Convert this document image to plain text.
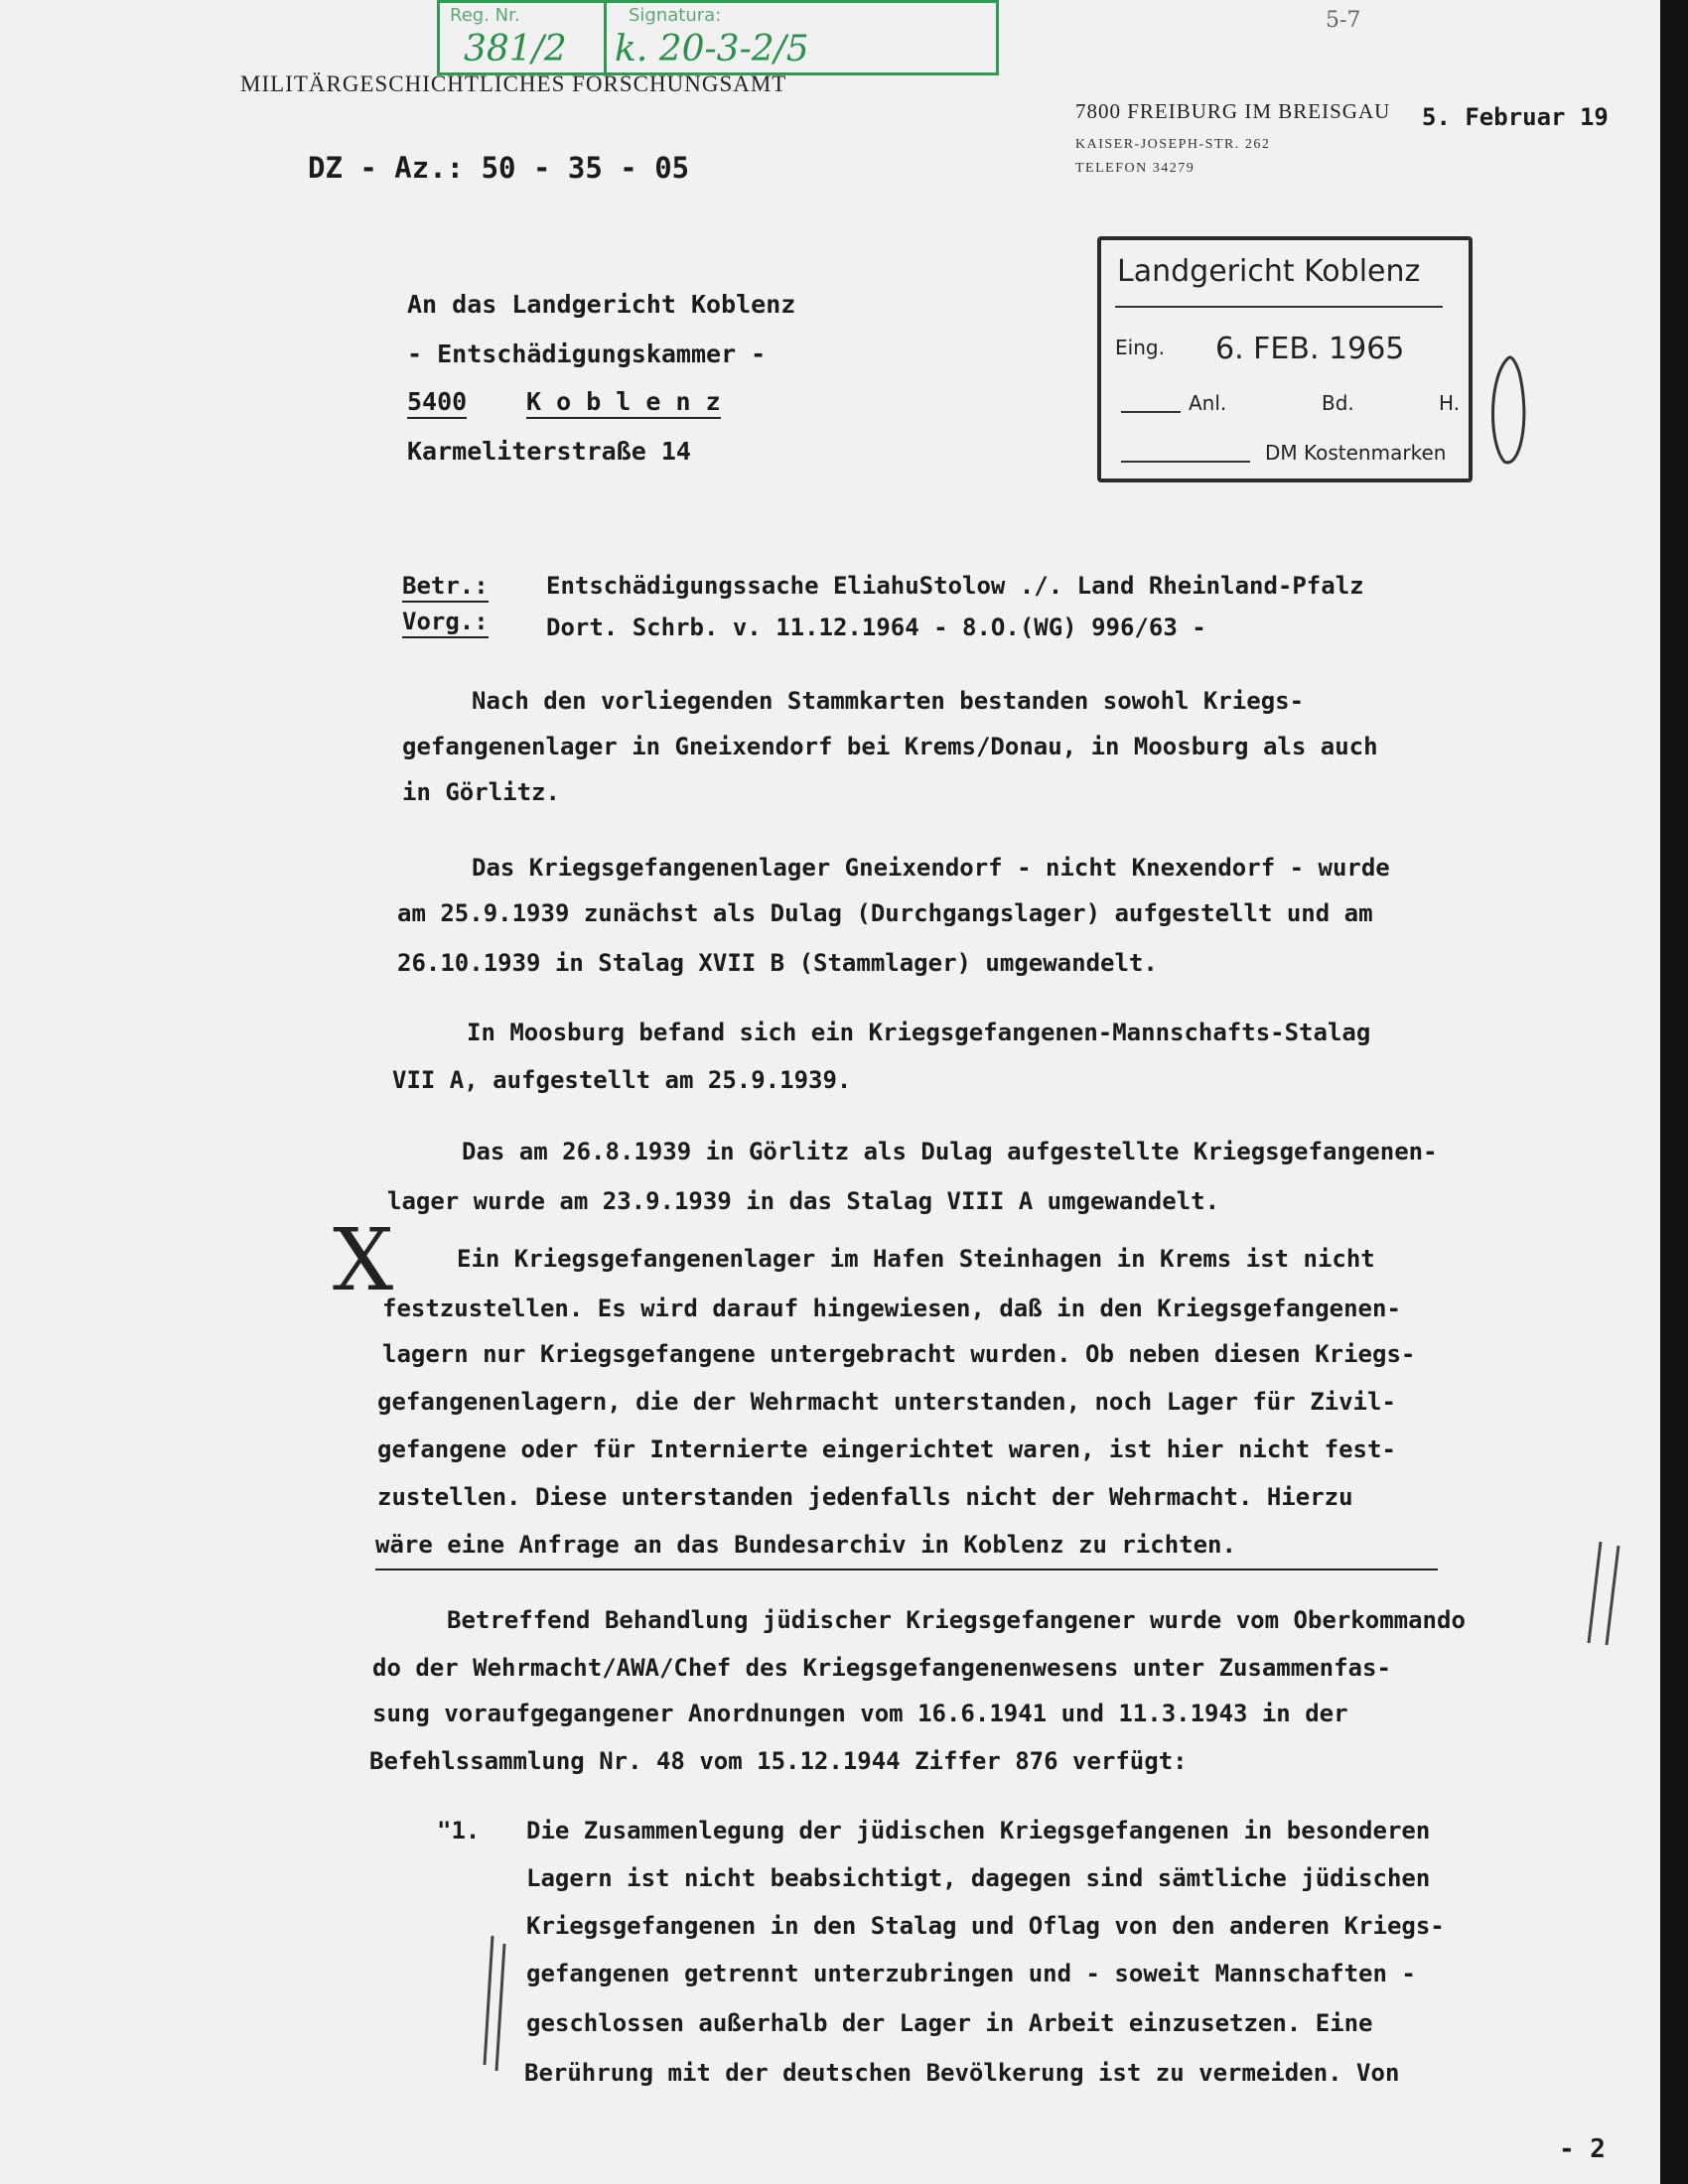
Reg. Nr.
381/2
Signatura:
k. 20-3-2/5
5-7
MILITÄRGESCHICHTLICHES FORSCHUNGSAMT
7800 FREIBURG IM BREISGAU 5. Februar 19
KAISER-JOSEPH-STR. 262
TELEFON 34279
DZ - Az.: 50 - 35 - 05
An das Landgericht Koblenz
- Entschädigungskammer -
5400 K o b l e n z
Karmeliterstraße 14
Landgericht Koblenz
Eing. 6. FEB. 1965
Anl.	Bd.	H.
DM Kostenmarken
Betr.: Entschädigungssache EliahuStolow ./. Land Rheinland-Pfalz
Vorg.: Dort. Schrb. v. 11.12.1964 - 8.O.(WG) 996/63 -
Nach den vorliegenden Stammkarten bestanden sowohl Kriegs-
gefangenenlager in Gneixendorf bei Krems/Donau, in Moosburg als auch
in Görlitz.
Das Kriegsgefangenenlager Gneixendorf - nicht Knexendorf - wurde
am 25.9.1939 zunächst als Dulag (Durchgangslager) aufgestellt und am
26.10.1939 in Stalag XVII B (Stammlager) umgewandelt.
In Moosburg befand sich ein Kriegsgefangenen-Mannschafts-Stalag
VII A, aufgestellt am 25.9.1939.
Das am 26.8.1939 in Görlitz als Dulag aufgestellte Kriegsgefangenen-
lager wurde am 23.9.1939 in das Stalag VIII A umgewandelt.
Ein Kriegsgefangenenlager im Hafen Steinhagen in Krems ist nicht
festzustellen. Es wird darauf hingewiesen, daß in den Kriegsgefangenen-
lagern nur Kriegsgefangene untergebracht wurden. Ob neben diesen Kriegs-
gefangenenlagern, die der Wehrmacht unterstanden, noch Lager für Zivil-
gefangene oder für Internierte eingerichtet waren, ist hier nicht fest-
zustellen. Diese unterstanden jedenfalls nicht der Wehrmacht. Hierzu
wäre eine Anfrage an das Bundesarchiv in Koblenz zu richten.
Betreffend Behandlung jüdischer Kriegsgefangener wurde vom Oberkommando
do der Wehrmacht/AWA/Chef des Kriegsgefangenenwesens unter Zusammenfas-
sung voraufgegangener Anordnungen vom 16.6.1941 und 11.3.1943 in der
Befehlssammlung Nr. 48 vom 15.12.1944 Ziffer 876 verfügt:
"1. Die Zusammenlegung der jüdischen Kriegsgefangenen in besonderen
Lagern ist nicht beabsichtigt, dagegen sind sämtliche jüdischen
Kriegsgefangenen in den Stalag und Oflag von den anderen Kriegs-
gefangenen getrennt unterzubringen und - soweit Mannschaften -
geschlossen außerhalb der Lager in Arbeit einzusetzen. Eine
Berührung mit der deutschen Bevölkerung ist zu vermeiden. Von
- 2
X
